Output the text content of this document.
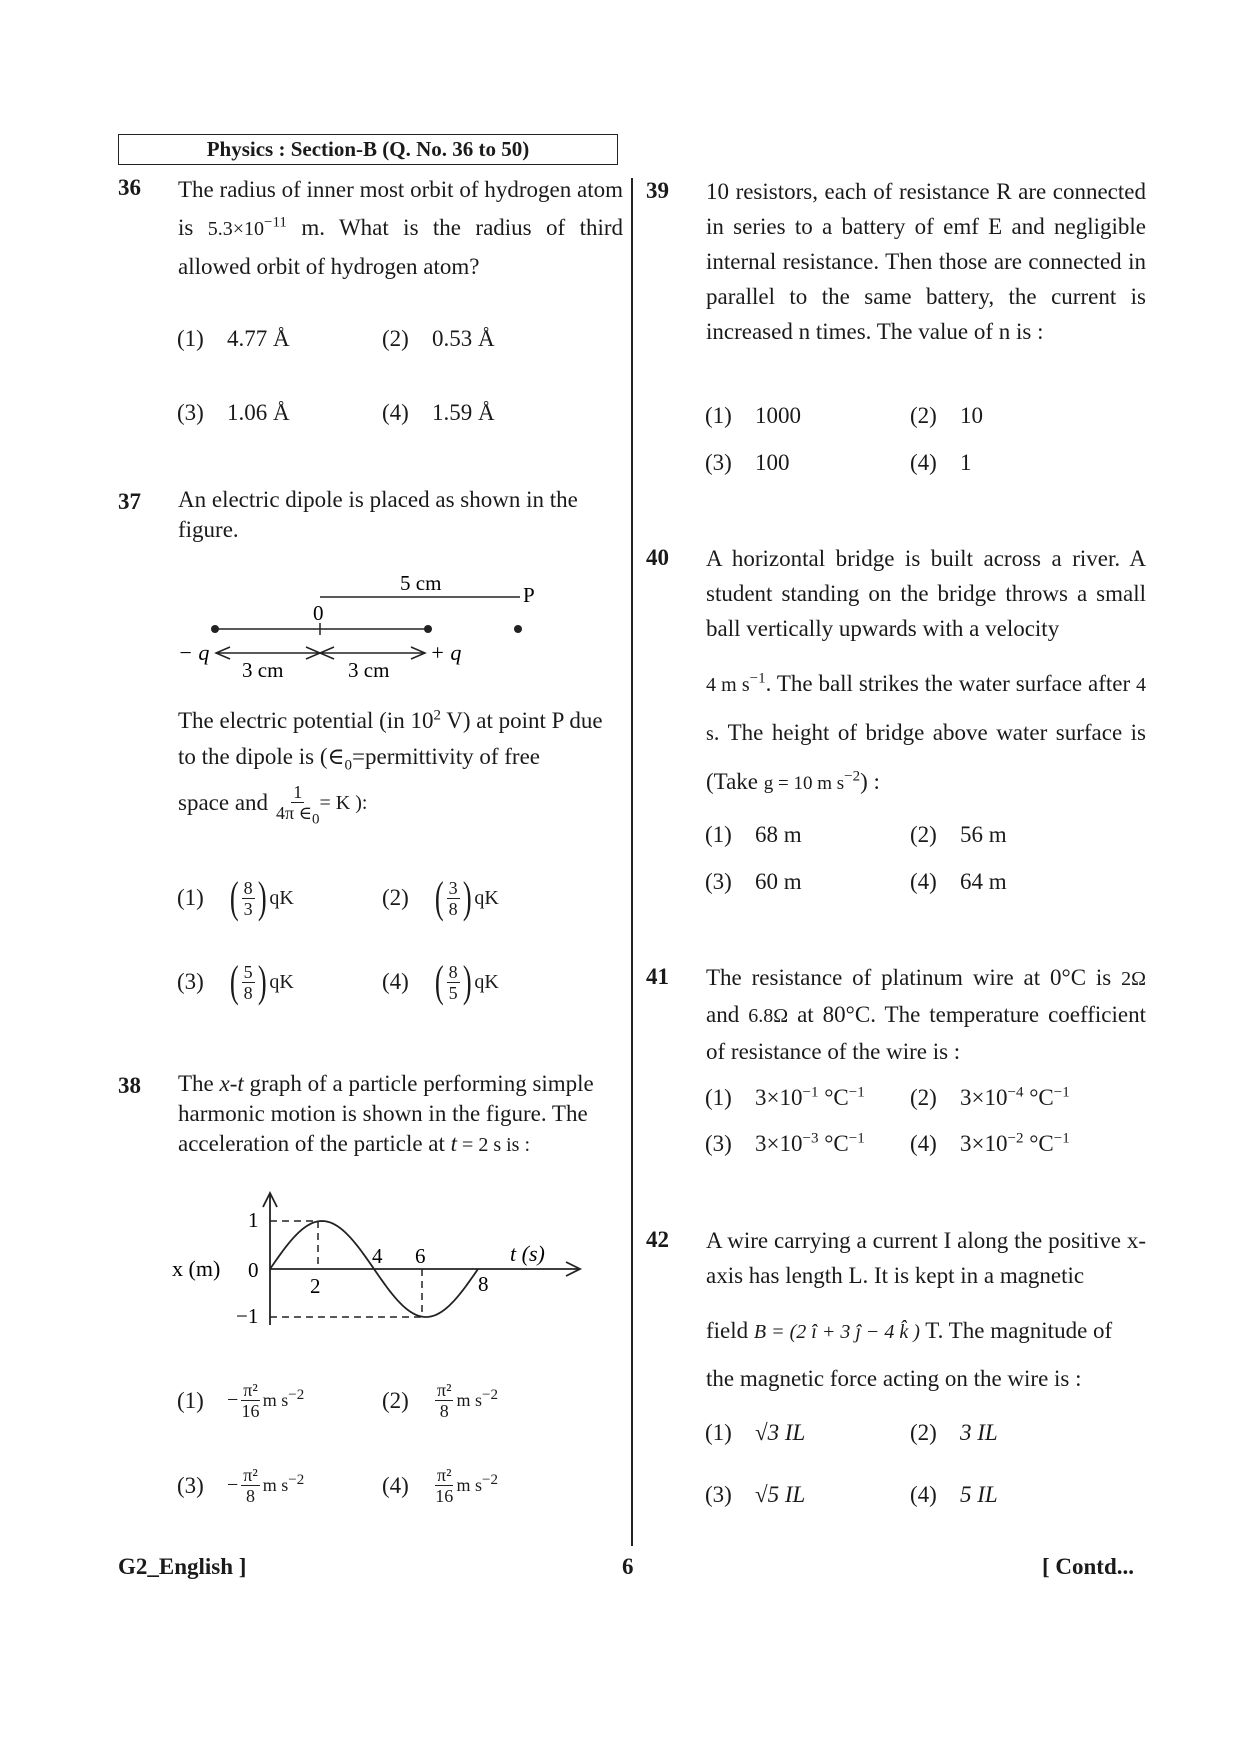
Physics : Section-B (Q. No. 36 to 50)
36 The radius of inner most orbit of hydrogen atom is $5.3\times 10^{-11}$ m. What is the radius of third allowed orbit of hydrogen atom?
(1) 4.77 Å	(2) 0.53 Å
(3) 1.06 Å	(4) 1.59 Å
37 An electric dipole is placed as shown in the figure.
5 cm	P
0
− q	+ q
3 cm	3 cm
The electric potential (in $10^2$ V) at point P due to the dipole is ($\in_0=permittivity$ of free
space and $\frac{1}{4\pi \in_0} = K$ ):
(1) ( $\frac{8}{3}$ ) qK	(2) ( $\frac{3}{8}$ ) qK
(3) ( $\frac{5}{8}$ ) qK	(4) ( $\frac{8}{5}$ ) qK
38 The x-t graph of a particle performing simple harmonic motion is shown in the figure. The acceleration of the particle at t = 2 s is :
x (m)
t (s)
1
0
−1
2
4 6
8
(1)	− $\frac{\text{π²}}{16}$ m $s^{-2}$	(2)	$\frac{\text{π²}}{8}$ m $s^{-2}$
(3)	− $\frac{\text{π²}}{8}$ m $s^{-2}$	(4)	$\frac{\text{π²}}{16}$ m $s^{-2}$
39 10 resistors, each of resistance R are connected in series to a battery of emf E and negligible internal resistance. Then those are connected in parallel to the same battery, the current is increased n times. The value of n is :
(1) 1000	(2) 10
(3) 100	(4) 1
40 A horizontal bridge is built across a river. A student standing on the bridge throws a small ball vertically upwards with a velocity
4 m $s^{-1}$. The ball strikes the water surface after 4 s. The height of bridge above water surface is (Take g = 10 m $s^{-2}$) :
(1) 68 m	(2) 56 m
(3) 60 m	(4) 64 m
41 The resistance of platinum wire at 0°C is 2Ω and 6.8Ω at 80°C. The temperature coefficient of resistance of the wire is :
(1) $3\times 10^{-1}$ $^\circ C^{-1}$ (2) $3\times 10^{-4}$ $^\circ C^{-1}$
(3) $3\times 10^{-3}$ $^\circ C^{-1}$ (4) $3\times 10^{-2}$ $^\circ C^{-1}$
42 A wire carrying a current I along the positive x-axis has length L. It is kept in a magnetic
field B = (2 î + 3 ĵ − 4 k̂ ) T. The magnitude of
the magnetic force acting on the wire is :
(1) √3 IL	(2) 3 IL
(3) √5 IL	(4) 5 IL
G2_English ]	6	[ Contd...
